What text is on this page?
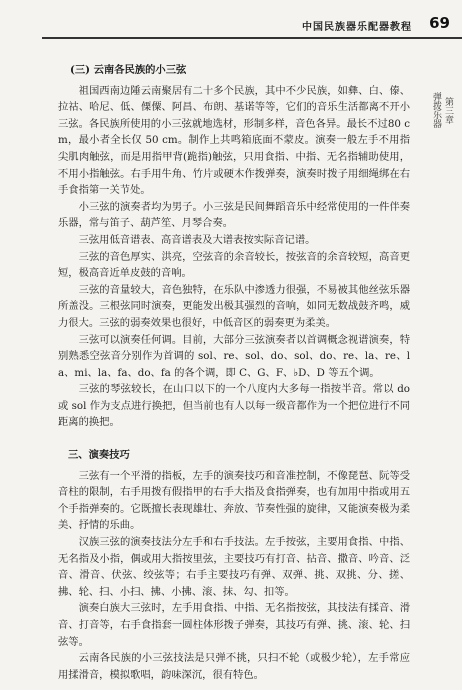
中国民族器乐配器教程 69
第三章
弹拨乐器
(三) 云南各民族的小三弦

祖国西南边陲云南聚居有二十多个民族，其中不少民族，如彝、白、傣、拉祜、哈尼、低、傈僳、阿昌、布朗、基诺等等，它们的音乐生活都离不开小三弦。各民族所使用的小三弦就地选材，形制多样，音色各异。最长不过80 cm，最小者全长仅 50 cm。制作上共鸣箱底面不蒙皮。演奏一般左手不用指尖肌肉触弦，而是用指甲背(跪指)触弦，只用食指、中指、无名指辅助使用，不用小指触弦。右手用牛角、竹片或硬木作拨弹奏，演奏时拨子用细绳绑在右手食指第一关节处。

小三弦的演奏者均为男子。小三弦是民间舞蹈音乐中经常使用的一件伴奏乐器，常与笛子、葫芦笙、月琴合奏。

三弦用低音谱表、高音谱表及大谱表按实际音记谱。

三弦的音色厚实、洪亮，空弦音的余音较长，按弦音的余音较短，高音更短，极高音近单皮鼓的音响。

三弦的音量较大，音色独特，在乐队中渗透力很强，不易被其他丝弦乐器所盖没。三根弦同时演奏，更能发出极其强烈的音响，如同无数战鼓齐鸣，威力很大。三弦的弱奏效果也很好，中低音区的弱奏更为柔美。

三弦可以演奏任何调。目前，大部分三弦演奏者以首调概念视谱演奏，特别熟悉空弦音分别作为首调的 sol、re、sol、do、sol、do、re、la、re、la、mi、la、fa、do、fa 的各个调，即 C、G、F、♭D、D 等五个调。

三弦的琴弦较长，在山口以下的一个八度内大多每一指按半音。常以 do 或 sol 作为支点进行换把，但当前也有人以每一级音都作为一个把位进行不同距离的换把。

三、演奏技巧

三弦有一个平滑的指板，左手的演奏技巧和音准控制，不像琵琶、阮等受音柱的限制，右手用拨有假指甲的右手大指及食指弹奏，也有加用中指或用五个手指弹奏的。它既擅长表现雄壮、奔放、节奏性强的旋律，又能演奏极为柔美、抒情的乐曲。

汉族三弦的演奏技法分左手和右手技法。左手按弦，主要用食指、中指、无名指及小指，偶或用大指按里弦，主要技巧有打音、拈音、撒音、吟音、泛音、滑音、伏弦、绞弦等；右手主要技巧有弹、双弹、挑、双挑、分、搓、拂、轮、扫、小扫、拂、小拂、滚、抹、勾、扣等。

演奏白族大三弦时，左手用食指、中指、无名指按弦，其技法有揉音、滑音、打音等，右手食指套一圆柱体形拨子弹奏，其技巧有弹、挑、滚、轮、扫弦等。

云南各民族的小三弦技法是只弹不挑，只扫不轮（或极少轮），左手常应用揉滑音，模拟歌唱，韵味深沉，很有特色。
